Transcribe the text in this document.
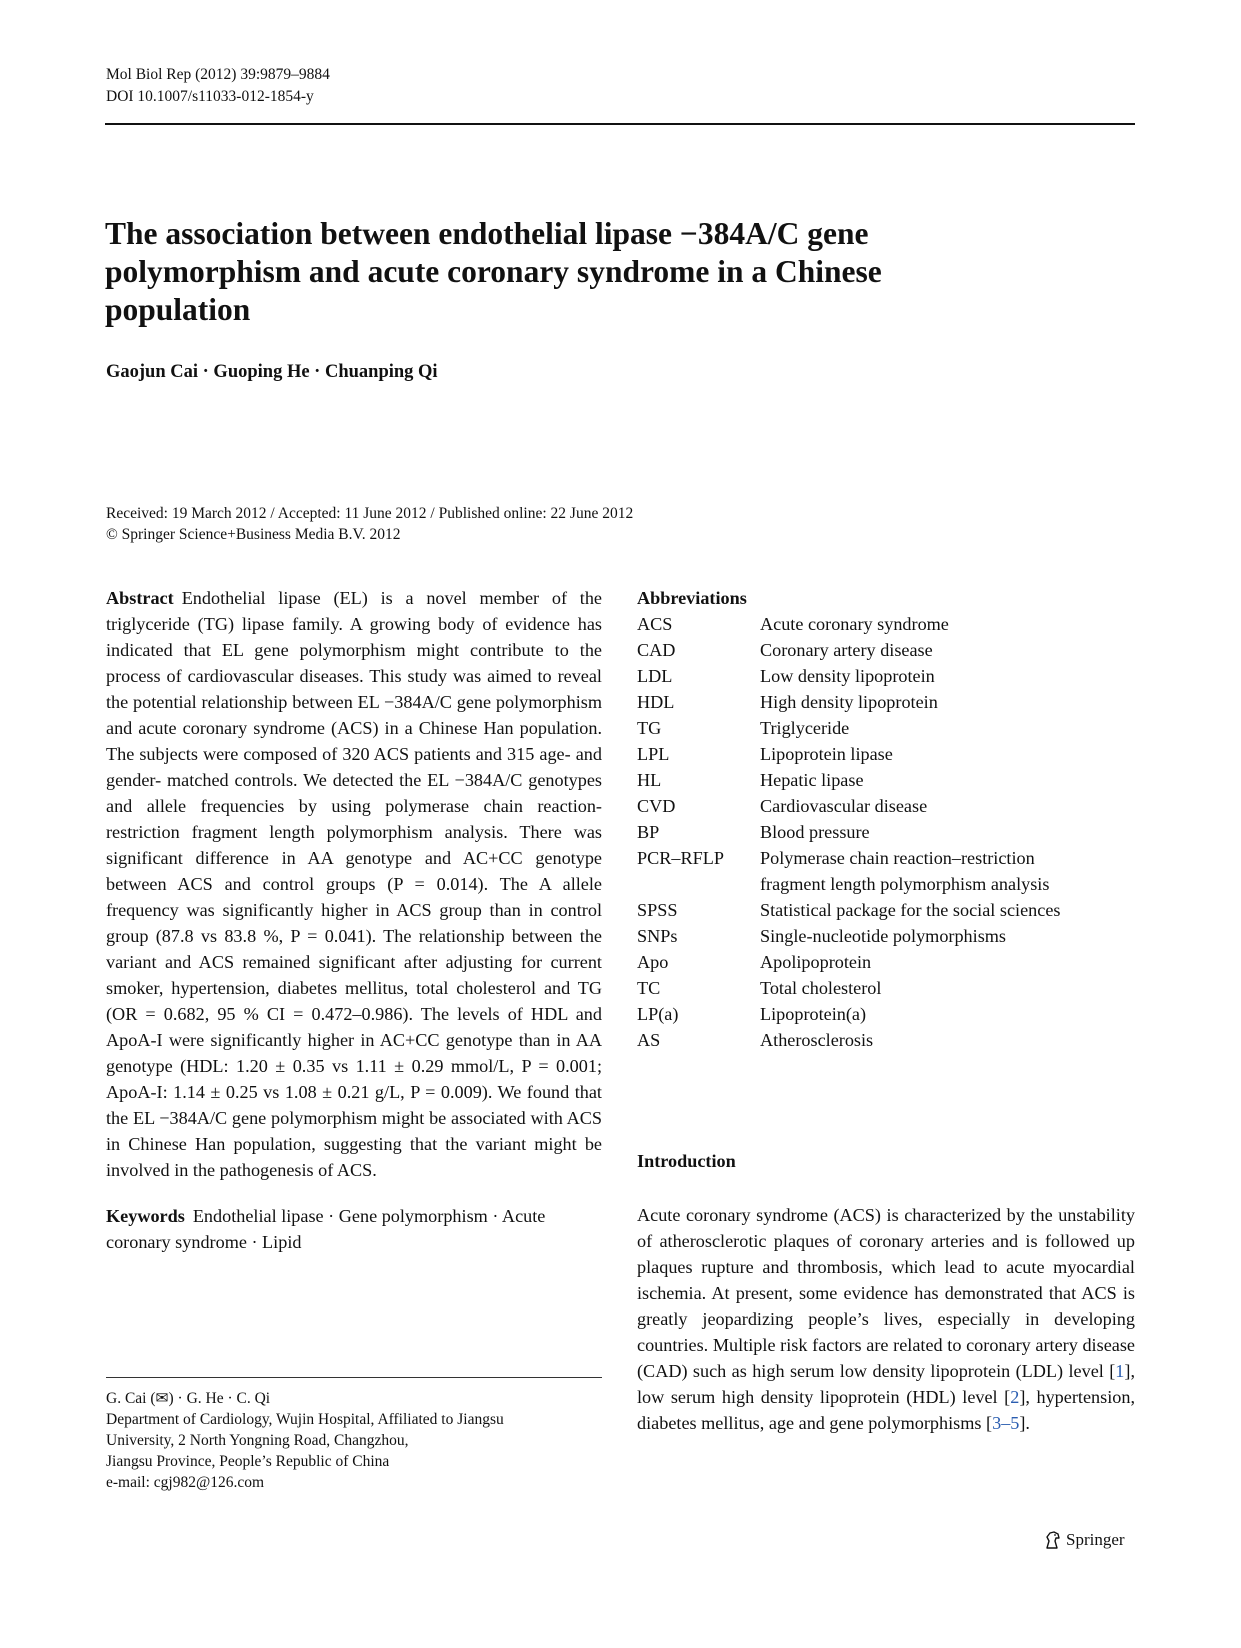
Mol Biol Rep (2012) 39:9879–9884
DOI 10.1007/s11033-012-1854-y
The association between endothelial lipase −384A/C gene
polymorphism and acute coronary syndrome in a Chinese
population
Gaojun Cai · Guoping He · Chuanping Qi
Received: 19 March 2012 / Accepted: 11 June 2012 / Published online: 22 June 2012
© Springer Science+Business Media B.V. 2012

Abstract Endothelial lipase (EL) is a novel member of the triglyceride (TG) lipase family. A growing body of evidence has indicated that EL gene polymorphism might contribute to the process of cardiovascular diseases. This study was aimed to reveal the potential relationship between EL −384A/C gene polymorphism and acute coronary syndrome (ACS) in a Chinese Han population. The subjects were composed of 320 ACS patients and 315 age- and gender- matched controls. We detected the EL −384A/C genotypes and allele frequencies by using polymerase chain reaction-restriction fragment length polymorphism analysis. There was significant difference in AA genotype and AC+CC genotype between ACS and control groups (P = 0.014). The A allele frequency was significantly higher in ACS group than in control group (87.8 vs 83.8 %, P = 0.041). The relationship between the variant and ACS remained significant after adjusting for current smoker, hypertension, diabetes mellitus, total cholesterol and TG (OR = 0.682, 95 % CI = 0.472–0.986). The levels of HDL and ApoA-I were significantly higher in AC+CC genotype than in AA genotype (HDL: 1.20 ± 0.35 vs 1.11 ± 0.29 mmol/L, P = 0.001; ApoA-I: 1.14 ± 0.25 vs 1.08 ± 0.21 g/L, P = 0.009). We found that the EL −384A/C gene polymorphism might be associated with ACS in Chinese Han population, suggesting that the variant might be involved in the pathogenesis of ACS.

Keywords Endothelial lipase · Gene polymorphism · Acute coronary syndrome · Lipid

G. Cai (✉) · G. He · C. Qi
Department of Cardiology, Wujin Hospital, Affiliated to Jiangsu
University, 2 North Yongning Road, Changzhou,
Jiangsu Province, People’s Republic of China
e-mail: cgj982@126.com
Abbreviations
ACS	Acute coronary syndrome
CAD	Coronary artery disease
LDL	Low density lipoprotein
HDL	High density lipoprotein
TG	Triglyceride
LPL	Lipoprotein lipase
HL	Hepatic lipase
CVD	Cardiovascular disease
BP	Blood pressure
PCR–RFLP	Polymerase chain reaction–restriction
	fragment length polymorphism analysis
SPSS	Statistical package for the social sciences
SNPs	Single-nucleotide polymorphisms
Apo	Apolipoprotein
TC	Total cholesterol
LP(a)	Lipoprotein(a)
AS	Atherosclerosis
Introduction

Acute coronary syndrome (ACS) is characterized by the unstability of atherosclerotic plaques of coronary arteries and is followed up plaques rupture and thrombosis, which lead to acute myocardial ischemia. At present, some evidence has demonstrated that ACS is greatly jeopardizing people’s lives, especially in developing countries. Multiple risk factors are related to coronary artery disease (CAD) such as high serum low density lipoprotein (LDL) level [1], low serum high density lipoprotein (HDL) level [2], hypertension, diabetes mellitus, age and gene polymorphisms [3–5].

Springer
